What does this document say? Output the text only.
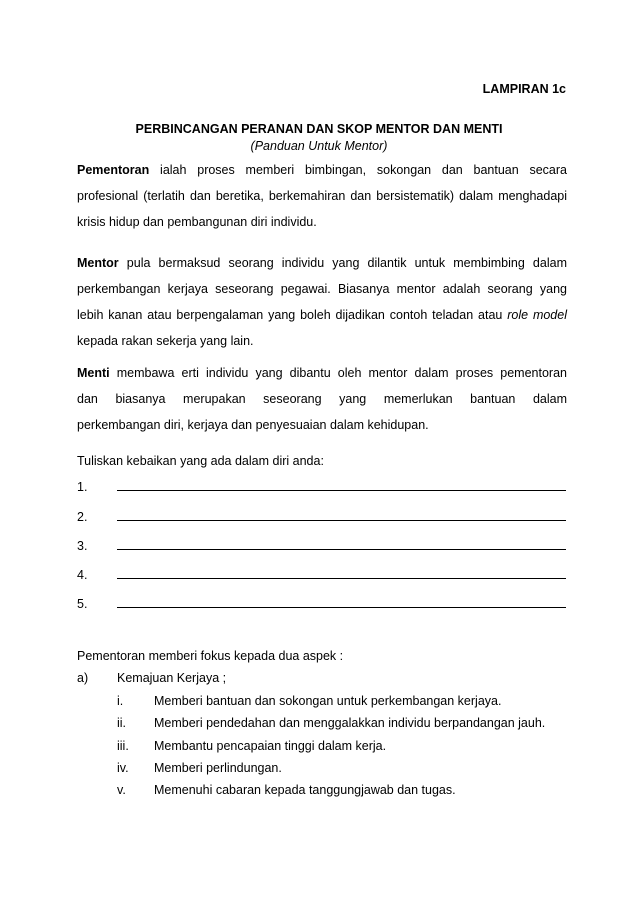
LAMPIRAN 1c
PERBINCANGAN PERANAN DAN SKOP MENTOR DAN MENTI
(Panduan Untuk Mentor)
Pementoran ialah proses memberi bimbingan, sokongan dan bantuan secara
profesional (terlatih dan beretika, berkemahiran dan bersistematik) dalam menghadapi
krisis hidup dan pembangunan diri individu.
Mentor pula bermaksud seorang individu yang dilantik untuk membimbing dalam
perkembangan kerjaya seseorang pegawai. Biasanya mentor adalah seorang yang
lebih kanan atau berpengalaman yang boleh dijadikan contoh teladan atau role model
kepada rakan sekerja yang lain.
Menti membawa erti individu yang dibantu oleh mentor dalam proses pementoran
dan biasanya merupakan seseorang yang memerlukan bantuan dalam
perkembangan diri, kerjaya dan penyesuaian dalam kehidupan.
Tuliskan kebaikan yang ada dalam diri anda:
1.
2.
3.
4.
5.
Pementoran memberi fokus kepada dua aspek :
a) Kemajuan Kerjaya ;
i. Memberi bantuan dan sokongan untuk perkembangan kerjaya.
ii. Memberi pendedahan dan menggalakkan individu berpandangan jauh.
iii. Membantu pencapaian tinggi dalam kerja.
iv. Memberi perlindungan.
v. Memenuhi cabaran kepada tanggungjawab dan tugas.
